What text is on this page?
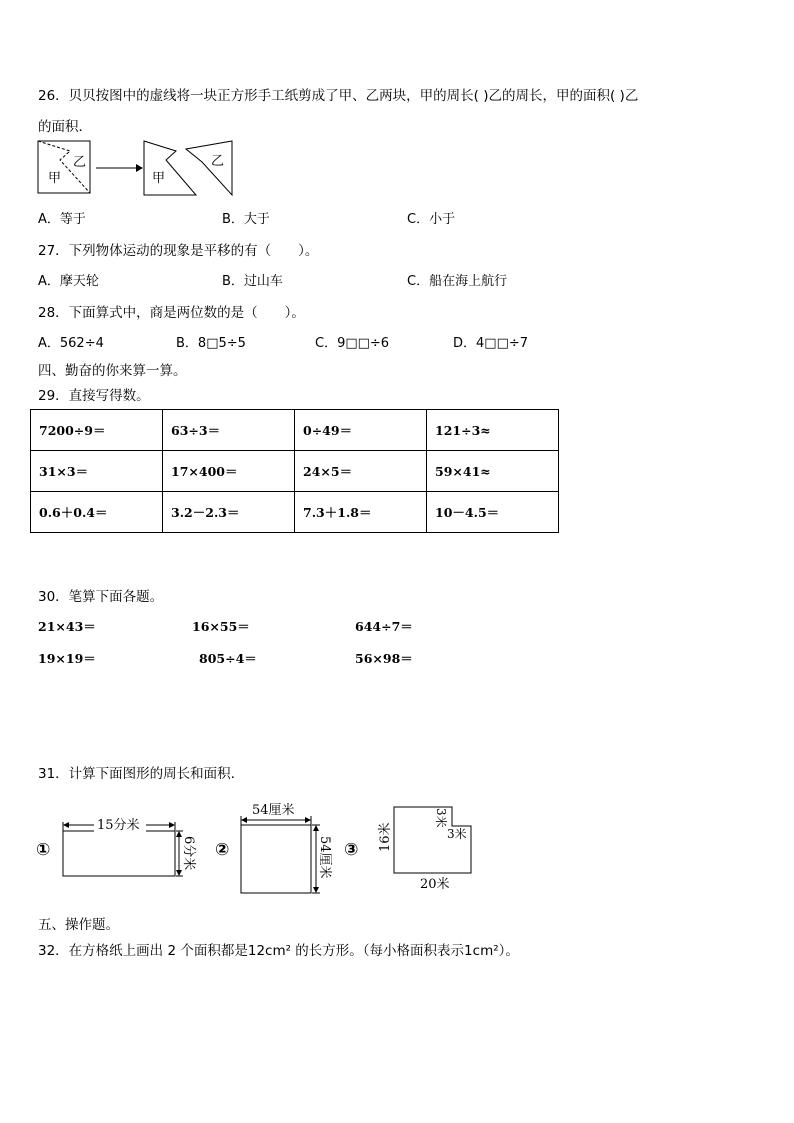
26．贝贝按图中的虚线将一块正方形手工纸剪成了甲、乙两块，甲的周长( )乙的周长，甲的面积( )乙
的面积．
甲
乙
甲
乙
A．等于	B．大于	C．小于
27．下列物体运动的现象是平移的有（　　）。
A．摩天轮	B．过山车	C．船在海上航行
28．下面算式中，商是两位数的是（　　）。
A．562÷4	B．8□5÷5	C．9□□÷6	D．4□□÷7
四、勤奋的你来算一算。
29．直接写得数。
7200÷9＝	63÷3＝	0÷49＝	121÷3≈
31×3＝	17×400＝	24×5＝	59×41≈
0.6＋0.4＝	3.2－2.3＝	7.3＋1.8＝	10－4.5＝
30．笔算下面各题。
21×43＝	16×55＝	644÷7＝
19×19＝	805÷4＝	56×98＝
31．计算下面图形的周长和面积.
①
15分米
6分米 ②
54厘米
54厘米 ③ 16米
3米
3米
20米
五、操作题。
32．在方格纸上画出 2 个面积都是12cm² 的长方形。（每小格面积表示1cm²）。
